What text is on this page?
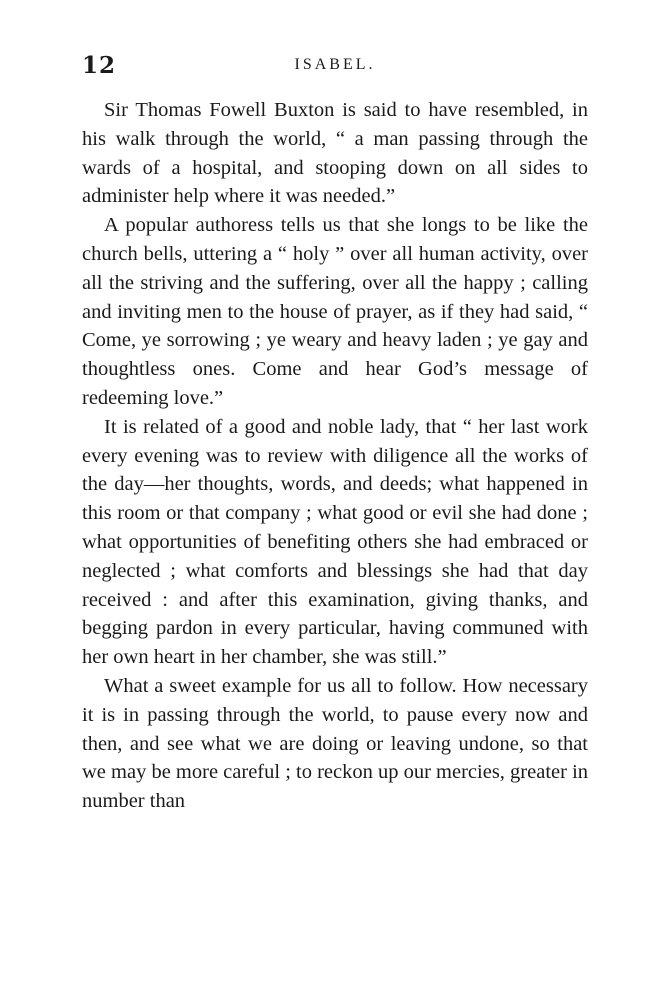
12	ISABEL.

Sir Thomas Fowell Buxton is said to have resembled, in his walk through the world, “ a man passing through the wards of a hospital, and stooping down on all sides to administer help where it was needed.”

A popular authoress tells us that she longs to be like the church bells, uttering a “ holy ” over all human activity, over all the striving and the suffering, over all the happy ; calling and inviting men to the house of prayer, as if they had said, “ Come, ye sorrowing ; ye weary and heavy laden ; ye gay and thoughtless ones. Come and hear God’s message of redeeming love.”

It is related of a good and noble lady, that “ her last work every evening was to review with diligence all the works of the day—her thoughts, words, and deeds; what happened in this room or that company ; what good or evil she had done ; what opportunities of benefiting others she had embraced or neglected ; what comforts and blessings she had that day received : and after this examination, giving thanks, and begging pardon in every particular, having communed with her own heart in her chamber, she was still.”

What a sweet example for us all to follow. How necessary it is in passing through the world, to pause every now and then, and see what we are doing or leaving undone, so that we may be more careful ; to reckon up our mercies, greater in number than
